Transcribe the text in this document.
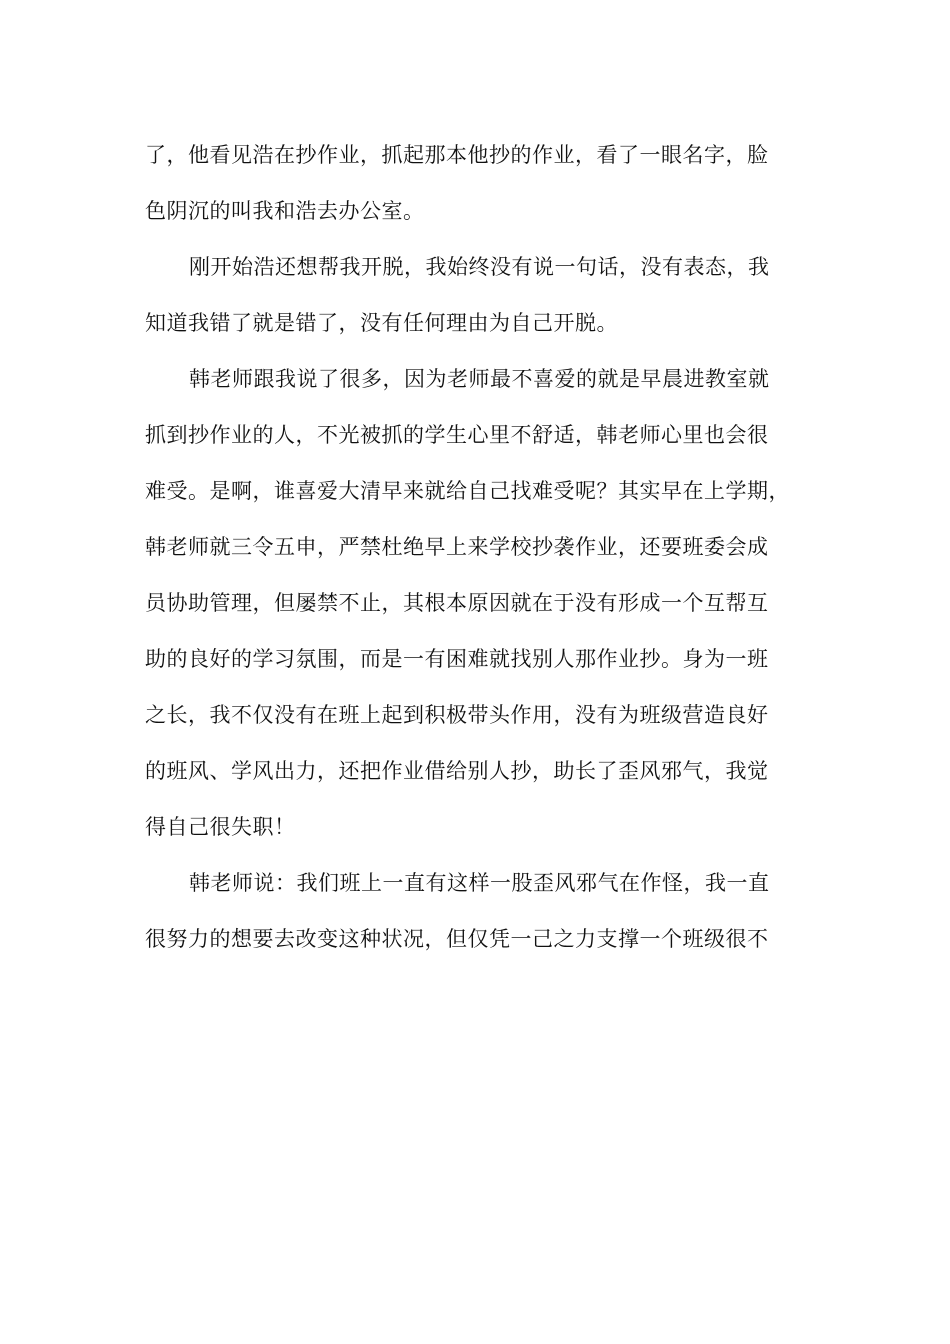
了，他看见浩在抄作业，抓起那本他抄的作业，看了一眼名字，脸
色阴沉的叫我和浩去办公室。
刚开始浩还想帮我开脱，我始终没有说一句话，没有表态，我
知道我错了就是错了，没有任何理由为自己开脱。
韩老师跟我说了很多，因为老师最不喜爱的就是早晨进教室就
抓到抄作业的人，不光被抓的学生心里不舒适，韩老师心里也会很
难受。是啊，谁喜爱大清早来就给自己找难受呢？其实早在上学期，
韩老师就三令五申，严禁杜绝早上来学校抄袭作业，还要班委会成
员协助管理，但屡禁不止，其根本原因就在于没有形成一个互帮互
助的良好的学习氛围，而是一有困难就找别人那作业抄。身为一班
之长，我不仅没有在班上起到积极带头作用，没有为班级营造良好
的班风、学风出力，还把作业借给别人抄，助长了歪风邪气，我觉
得自己很失职！
韩老师说：我们班上一直有这样一股歪风邪气在作怪，我一直
很努力的想要去改变这种状况，但仅凭一己之力支撑一个班级很不
